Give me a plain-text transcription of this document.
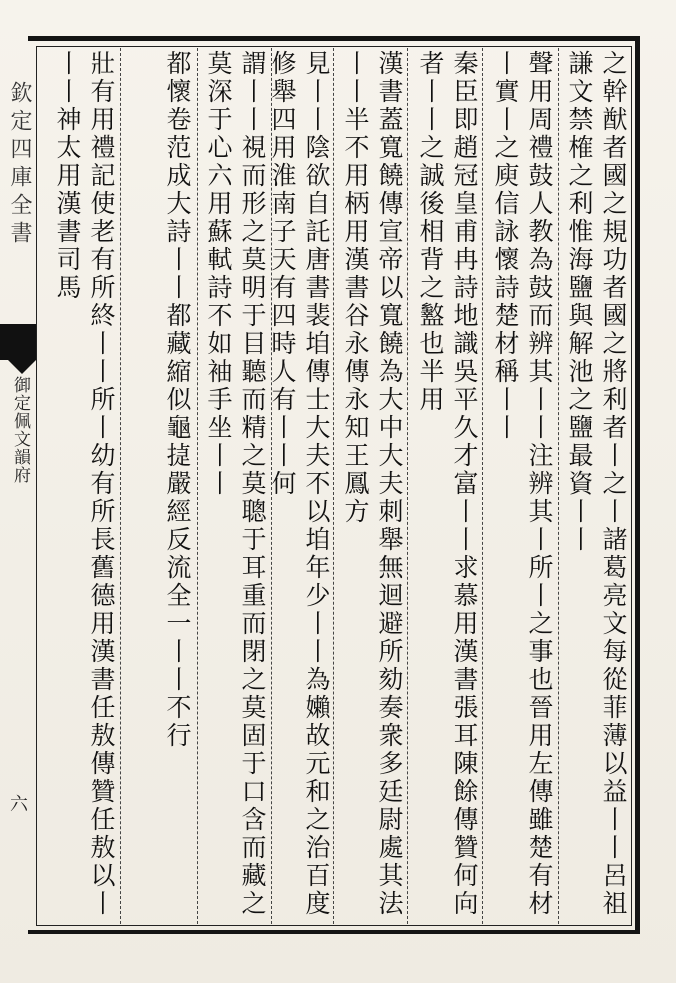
欽定四庫全書
御定佩文韻府
六	之幹猷者國之規功者國之將利者丨之丨諸葛亮文每從菲薄以益丨丨呂祖謙文禁榷之利惟海鹽與解池之鹽最資丨丨
聲用周禮鼓人教為鼓而辨其丨丨注辨其丨所丨之事也晉用左傳雖楚有材丨實丨之庾信詠懷詩楚材稱丨丨
秦臣即趙冠皇甫冉詩地識吳平久才富丨丨求慕用漢書張耳陳餘傳贊何向者丨丨之誠後相背之盭也半用
漢書蓋寬饒傳宣帝以寬饒為大中大夫刺舉無迴避所劾奏衆多廷尉處其法丨丨半不用柄用漢書谷永傳永知王鳳方
見丨丨陰欲自託唐書裴垍傳士大夫不以垍年少丨丨為嬾故元和之治百度修舉四用淮南子天有四時人有丨丨何
謂丨丨視而形之莫明于目聽而精之莫聰于耳重而閉之莫固于口含而藏之莫深于心六用蘇軾詩不如袖手坐丨丨
都懷卷范成大詩丨丨都藏縮似龜㨗嚴經反流全一丨丨不行
壯有用禮記使老有所終丨丨所丨幼有所長舊德用漢書任敖傳贊任敖以丨丨丨神太用漢書司馬
